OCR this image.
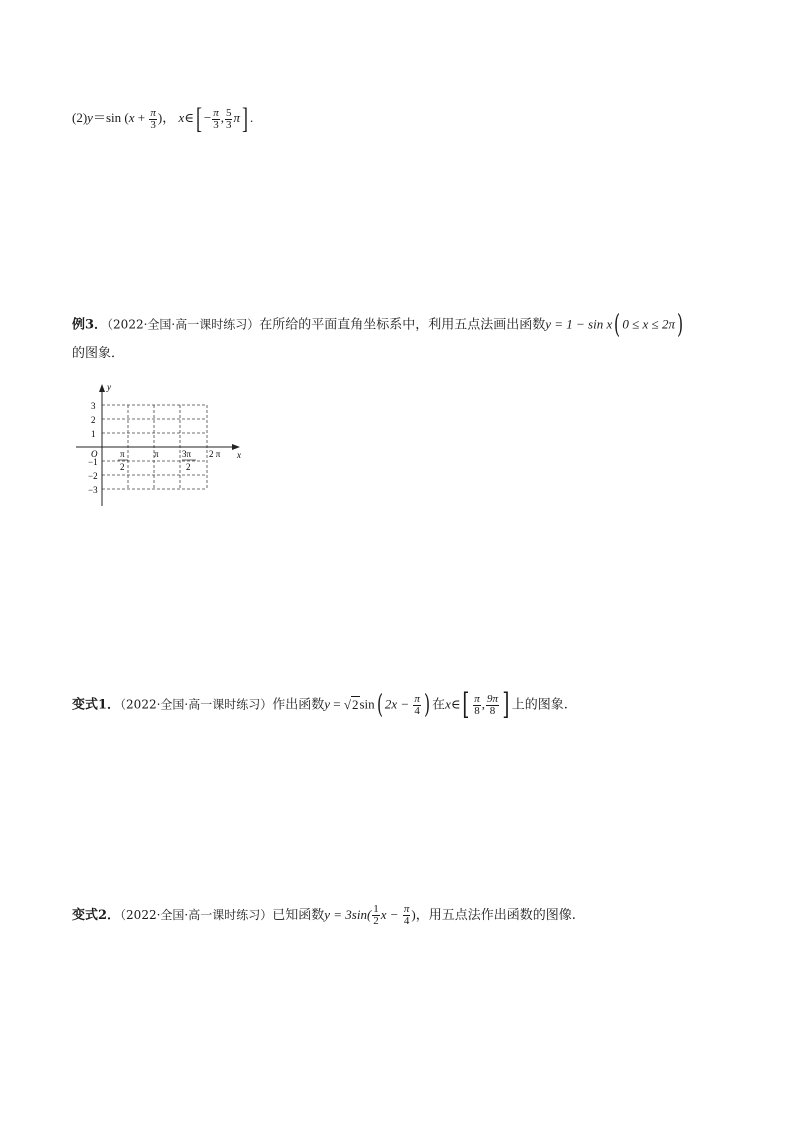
(2)y＝sin ($x + \frac{\pi}{3}$ )， x∈[ − $\frac{\pi}{3}$ , $\frac{5}{3} \pi$] .
例3．（2022·全国·高一课时练习）在所给的平面直角坐标系中，利用五点法画出函数y = 1 − sin x( 0 ≤ x ≤ 2π)
的图象．
y
x
O
3
2
1
−1
−2
−3
π
2
π	3π
2
2 π
变式1．（2022·全国·高一课时练习）作出函数y = √2sin( $2x - \frac{\pi}{4}$ ) 在x∈[ $\frac{\pi}{8}$ , $\frac{9\pi}{8}$ ] 上的图象.
变式2．（2022·全国·高一课时练习）已知函数$y = 3\sin( \frac{1}{2}$ $x - \frac{\pi}{4}$ )，用五点法作出函数的图像.
